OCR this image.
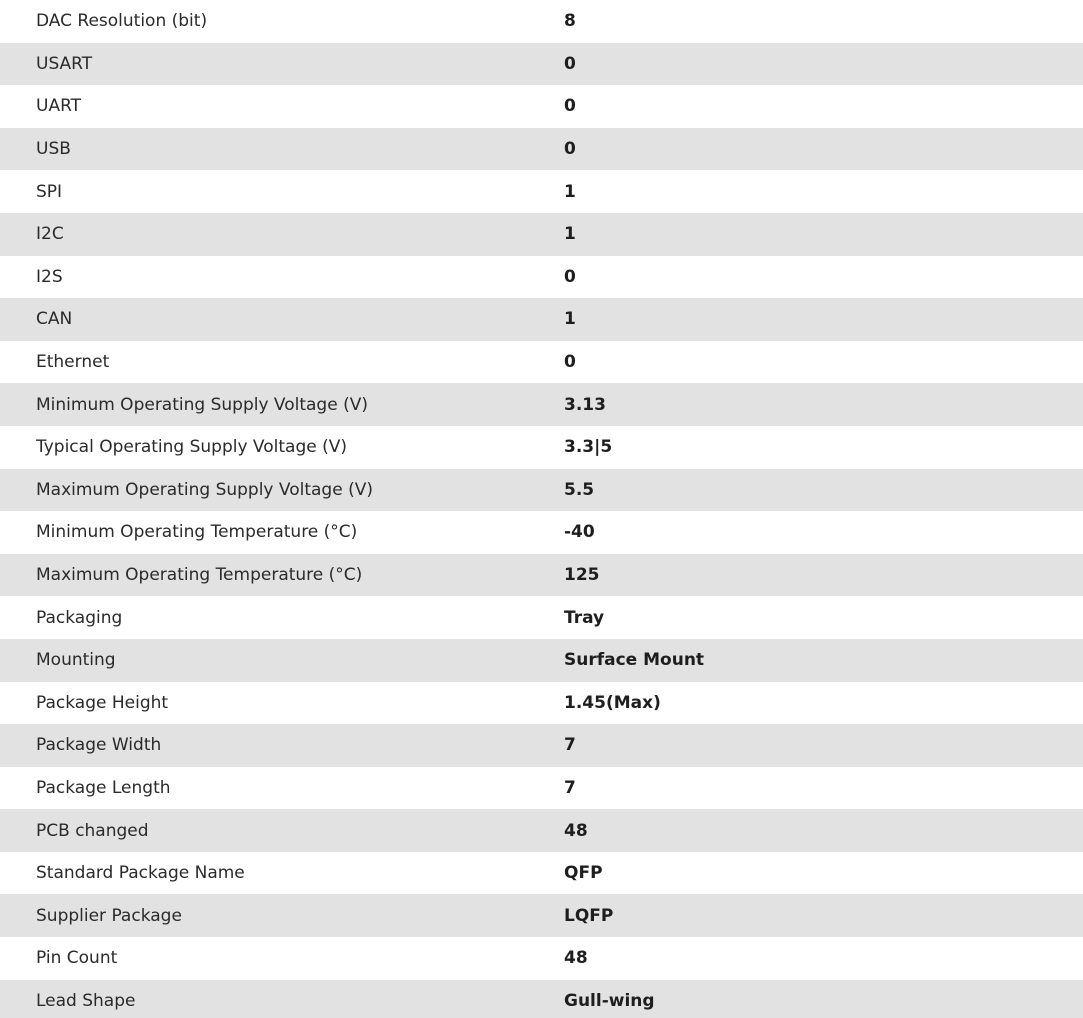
DAC Resolution (bit)	8
USART	0
UART	0
USB	0
SPI	1
I2C	1
I2S	0
CAN	1
Ethernet	0
Minimum Operating Supply Voltage (V)	3.13
Typical Operating Supply Voltage (V)	3.3|5
Maximum Operating Supply Voltage (V)	5.5
Minimum Operating Temperature (°C)	-40
Maximum Operating Temperature (°C)	125
Packaging	Tray
Mounting	Surface Mount
Package Height	1.45(Max)
Package Width	7
Package Length	7
PCB changed	48
Standard Package Name	QFP
Supplier Package	LQFP
Pin Count	48
Lead Shape	Gull-wing
